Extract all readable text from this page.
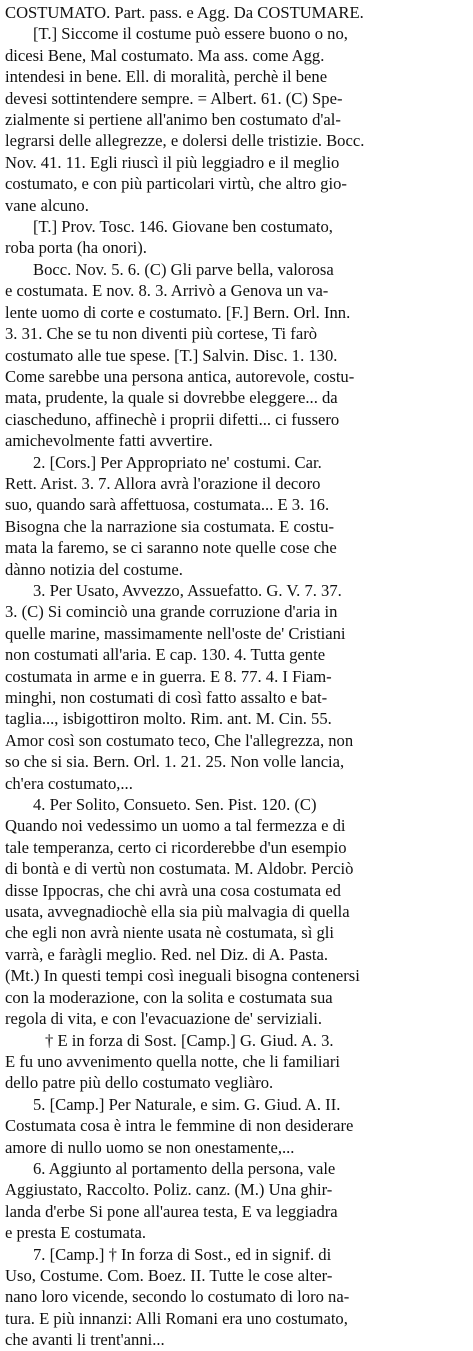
COSTUMATO. Part. pass. e Agg. Da COSTUMARE.
[T.] Siccome il costume può essere buono o no,
dicesi Bene, Mal costumato. Ma ass. come Agg.
intendesi in bene. Ell. di moralità, perchè il bene
devesi sottintendere sempre. = Albert. 61. (C) Spe-
zialmente si pertiene all'animo ben costumato d'al-
legrarsi delle allegrezze, e dolersi delle tristizie. Bocc.
Nov. 41. 11. Egli riuscì il più leggiadro e il meglio
costumato, e con più particolari virtù, che altro gio-
vane alcuno.
[T.] Prov. Tosc. 146. Giovane ben costumato,
roba porta (ha onori).
Bocc. Nov. 5. 6. (C) Gli parve bella, valorosa
e costumata. E nov. 8. 3. Arrivò a Genova un va-
lente uomo di corte e costumato. [F.] Bern. Orl. Inn.
3. 31. Che se tu non diventi più cortese, Ti farò
costumato alle tue spese. [T.] Salvin. Disc. 1. 130.
Come sarebbe una persona antica, autorevole, costu-
mata, prudente, la quale si dovrebbe eleggere... da
ciascheduno, affinechè i proprii difetti... ci fussero
amichevolmente fatti avvertire.
2. [Cors.] Per Appropriato ne' costumi. Car.
Rett. Arist. 3. 7. Allora avrà l'orazione il decoro
suo, quando sarà affettuosa, costumata... E 3. 16.
Bisogna che la narrazione sia costumata. E costu-
mata la faremo, se ci saranno note quelle cose che
dànno notizia del costume.
3. Per Usato, Avvezzo, Assuefatto. G. V. 7. 37.
3. (C) Si cominciò una grande corruzione d'aria in
quelle marine, massimamente nell'oste de' Cristiani
non costumati all'aria. E cap. 130. 4. Tutta gente
costumata in arme e in guerra. E 8. 77. 4. I Fiam-
minghi, non costumati di così fatto assalto e bat-
taglia..., isbigottiron molto. Rim. ant. M. Cin. 55.
Amor così son costumato teco, Che l'allegrezza, non
so che si sia. Bern. Orl. 1. 21. 25. Non volle lancia,
ch'era costumato,...
4. Per Solito, Consueto. Sen. Pist. 120. (C)
Quando noi vedessimo un uomo a tal fermezza e di
tale temperanza, certo ci ricorderebbe d'un esempio
di bontà e di vertù non costumata. M. Aldobr. Perciò
disse Ippocras, che chi avrà una cosa costumata ed
usata, avvegnadiochè ella sia più malvagia di quella
che egli non avrà niente usata nè costumata, sì gli
varrà, e faràgli meglio. Red. nel Diz. di A. Pasta.
(Mt.) In questi tempi così ineguali bisogna contenersi
con la moderazione, con la solita e costumata sua
regola di vita, e con l'evacuazione de' serviziali.
† E in forza di Sost. [Camp.] G. Giud. A. 3.
E fu uno avvenimento quella notte, che li familiari
dello patre più dello costumato vegliàro.
5. [Camp.] Per Naturale, e sim. G. Giud. A. II.
Costumata cosa è intra le femmine di non desiderare
amore di nullo uomo se non onestamente,...
6. Aggiunto al portamento della persona, vale
Aggiustato, Raccolto. Poliz. canz. (M.) Una ghir-
landa d'erbe Si pone all'aurea testa, E va leggiadra
e presta E costumata.
7. [Camp.] † In forza di Sost., ed in signif. di
Uso, Costume. Com. Boez. II. Tutte le cose alter-
nano loro vicende, secondo lo costumato di loro na-
tura. E più innanzi: Alli Romani era uno costumato,
che avanti li trent'anni...
